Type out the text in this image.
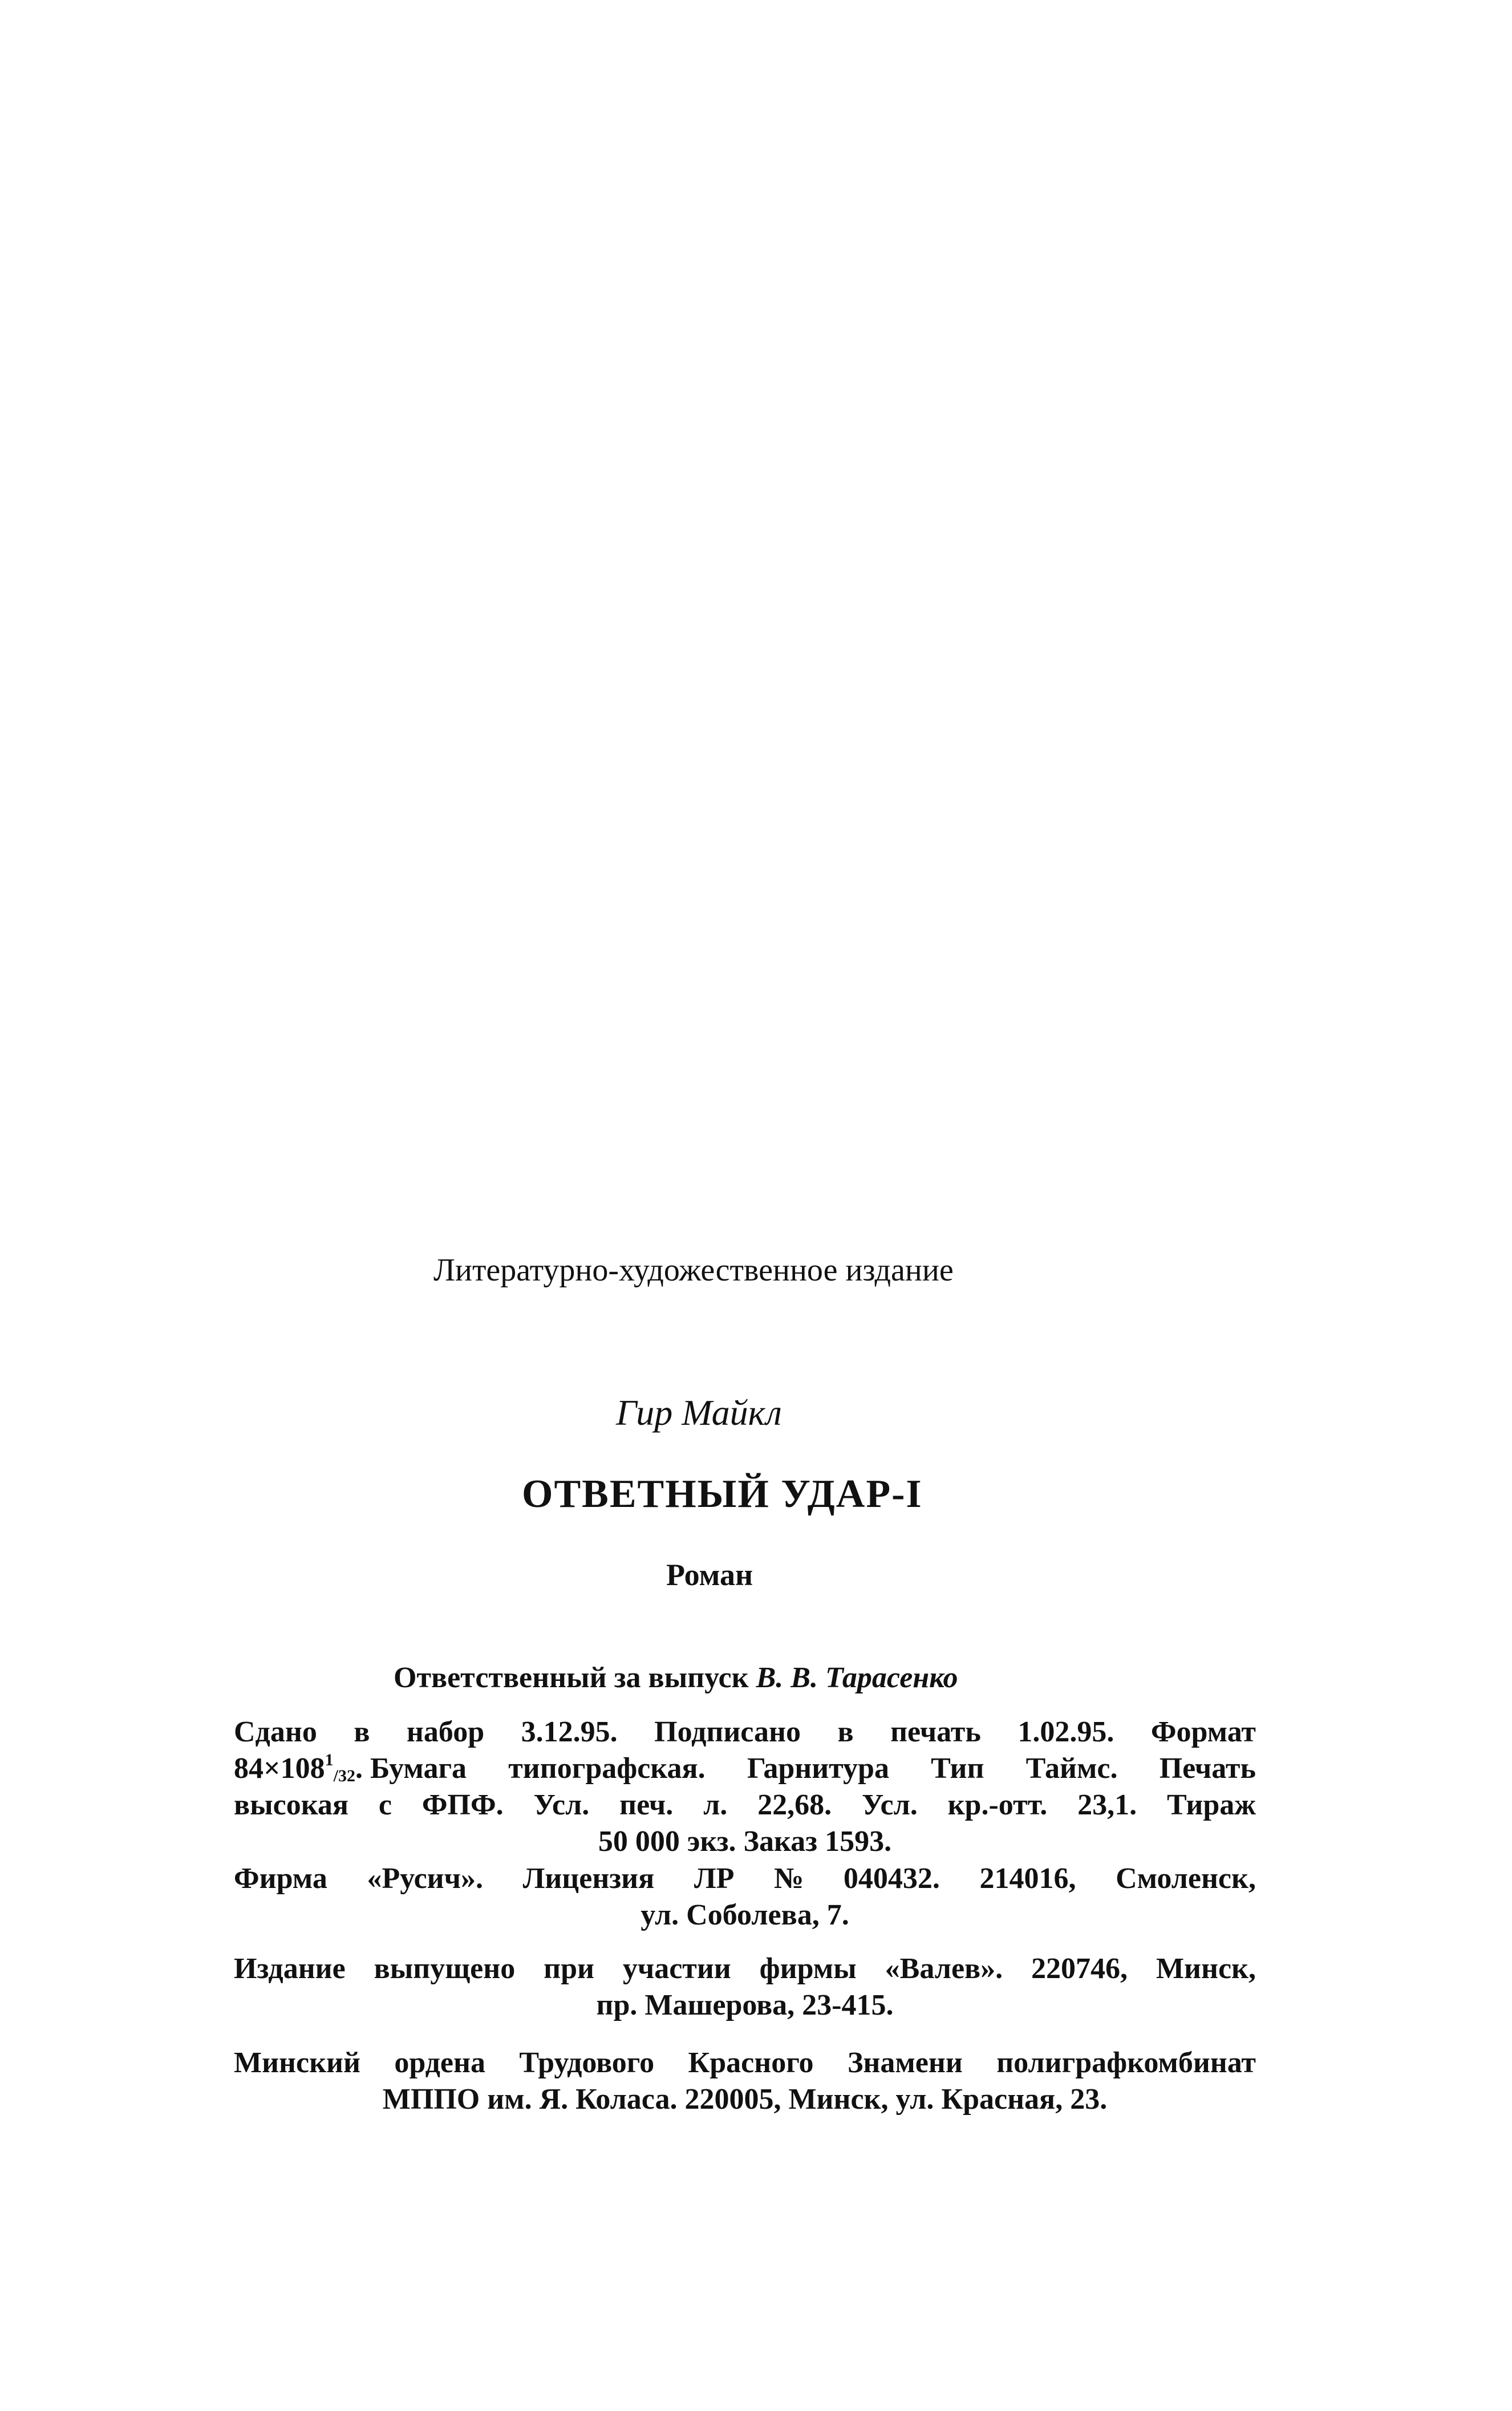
Литературно-художественное издание
Гир Майкл
ОТВЕТНЫЙ УДАР-I
Роман
Ответственный за выпуск В. В. Тарасенко
Сдано в набор 3.12.95. Подписано в печать 1.02.95. Формат
$84\times 108^1_{/32}$. Бумага типографская. Гарнитура Тип Таймс. Печать
высокая с ФПФ. Усл. печ. л. 22,68. Усл. кр.-отт. 23,1. Тираж
50 000 экз. Заказ 1593.
Фирма «Русич». Лицензия ЛР № 040432. 214016, Смоленск,
ул. Соболева, 7.
Издание выпущено при участии фирмы «Валев». 220746, Минск,
пр. Машерова, 23-415.
Минский ордена Трудового Красного Знамени полиграфкомбинат
МППО им. Я. Коласа. 220005, Минск, ул. Красная, 23.
